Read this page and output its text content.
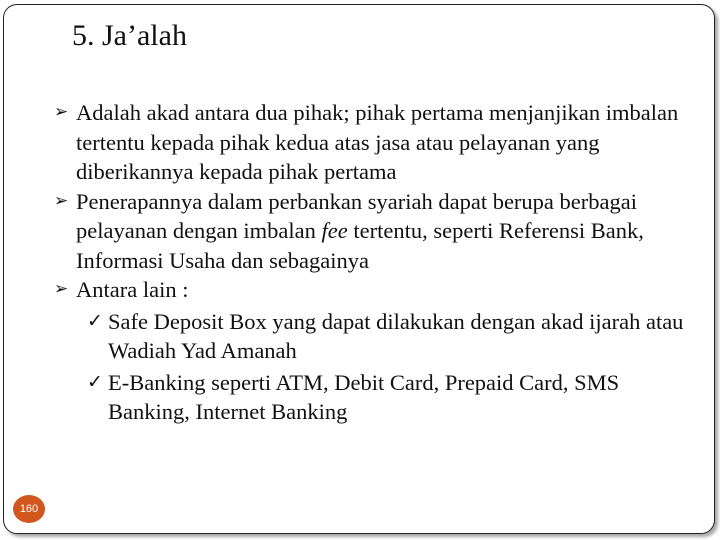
5. Ja’alah
➢ Adalah akad antara dua pihak; pihak pertama menjanjikan imbalan tertentu kepada pihak kedua atas jasa atau pelayanan yang diberikannya kepada pihak pertama
➢ Penerapannya dalam perbankan syariah dapat berupa berbagai pelayanan dengan imbalan fee tertentu, seperti Referensi Bank, Informasi Usaha dan sebagainya
➢ Antara lain :
✓ Safe Deposit Box yang dapat dilakukan dengan akad ijarah atau Wadiah Yad Amanah
✓ E-Banking seperti ATM, Debit Card, Prepaid Card, SMS Banking, Internet Banking
160
